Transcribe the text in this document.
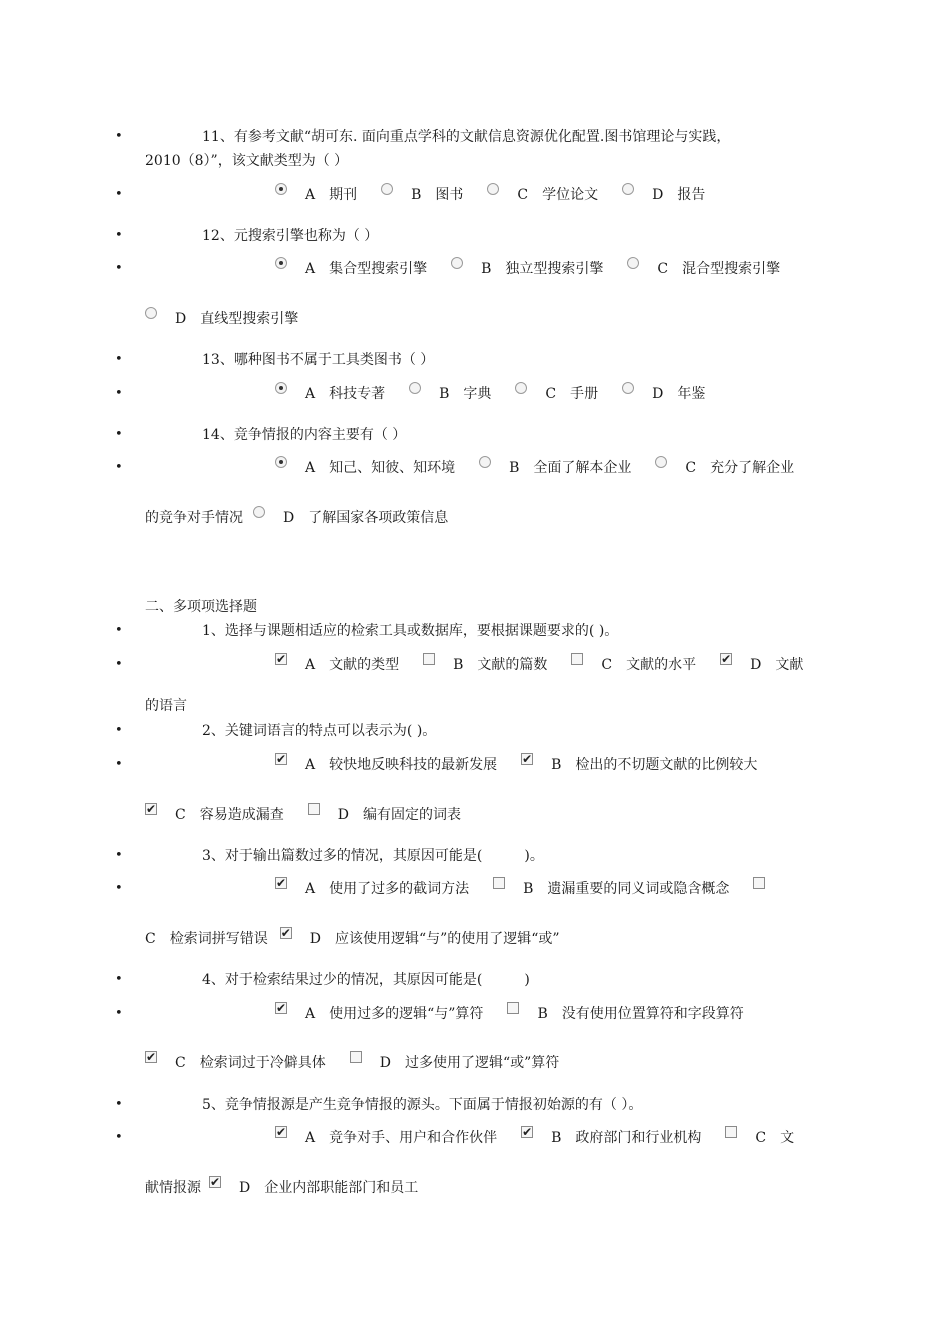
•	11、有参考文献“胡可东. 面向重点学科的文献信息资源优化配置.图书馆理论与实践，
2010（8）”，该文献类型为（ ）
•	A　期刊	B　图书	C　学位论文	D　报告
•	12、元搜索引擎也称为（ ）
•	A　集合型搜索引擎	B　独立型搜索引擎	C　混合型搜索引擎
D　直线型搜索引擎
•	13、哪种图书不属于工具类图书（ ）
•	A　科技专著	B　字典	C　手册	D　年鉴
•	14、竞争情报的内容主要有（ ）
•	A　知己、知彼、知环境	B　全面了解本企业	C　充分了解企业
的竞争对手情况	D　了解国家各项政策信息
二、多项项选择题
•	1、选择与课题相适应的检索工具或数据库，要根据课题要求的( )。
•	✔ A　文献的类型	B　文献的篇数	C　文献的水平 ✔ D　文献
的语言
•	2、关键词语言的特点可以表示为( )。
•	✔ A　较快地反映科技的最新发展 ✔ B　检出的不切题文献的比例较大
✔ C　容易造成漏查	D　编有固定的词表
•	3、对于输出篇数过多的情况，其原因可能是(　　　)。
•	✔ A　使用了过多的截词方法	B　遗漏重要的同义词或隐含概念
C　检索词拼写错误 ✔ D　应该使用逻辑“与”的使用了逻辑“或”
•	4、对于检索结果过少的情况，其原因可能是(　　　)
•	✔ A　使用过多的逻辑“与”算符	B　没有使用位置算符和字段算符
✔ C　检索词过于冷僻具体	D　过多使用了逻辑“或”算符
•	5、竞争情报源是产生竞争情报的源头。下面属于情报初始源的有（ ）。
•	✔ A　竞争对手、用户和合作伙伴 ✔ B　政府部门和行业机构	C　文
献情报源 ✔ D　企业内部职能部门和员工
